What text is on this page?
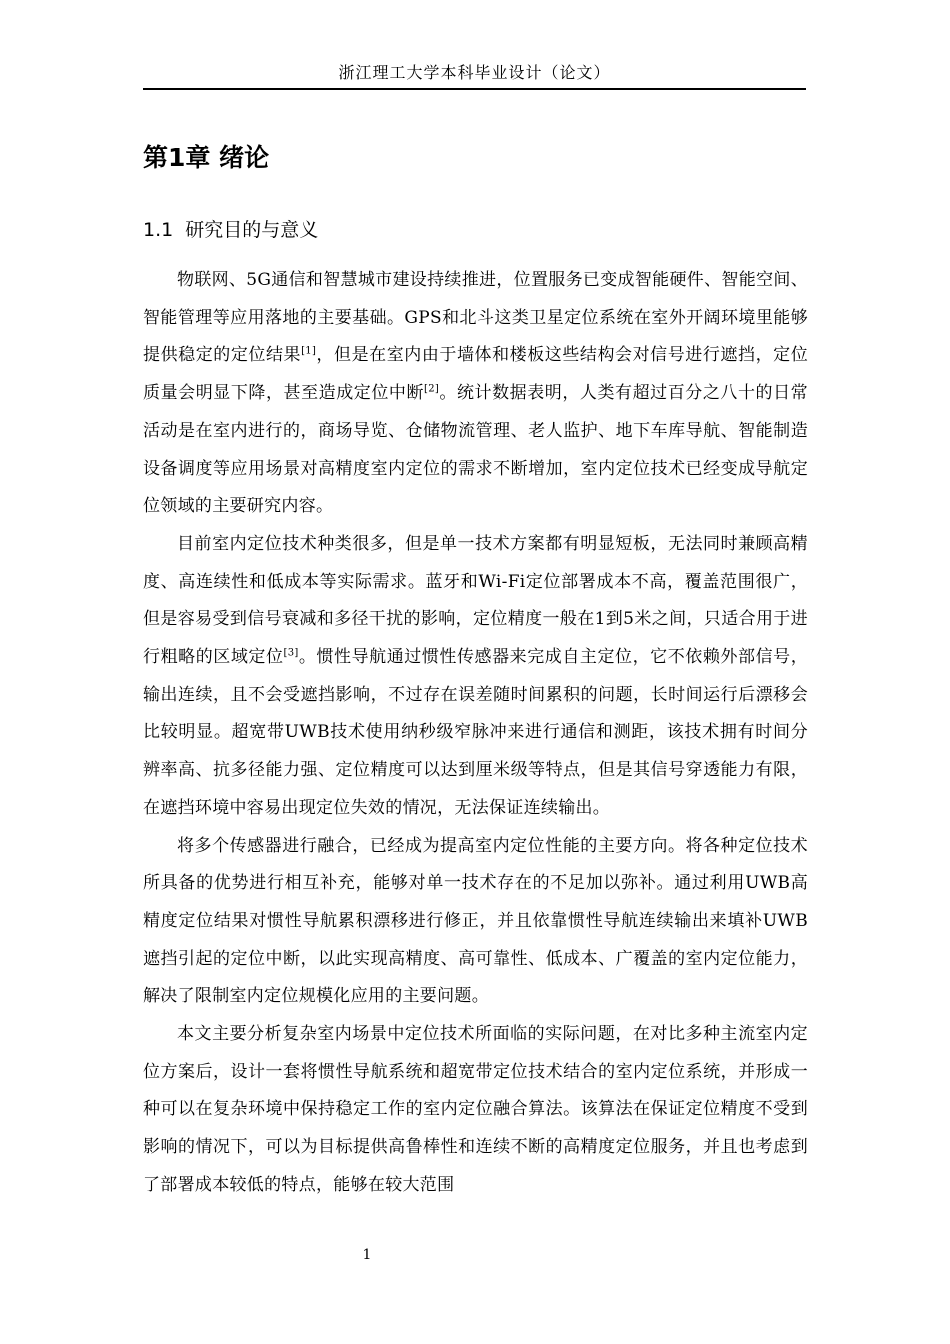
浙江理工大学本科毕业设计（论文）
第1章 绪论
1.1 研究目的与意义

物联网、5G通信和智慧城市建设持续推进，位置服务已变成智能硬件、智能空间、智能管理等应用落地的主要基础。GPS和北斗这类卫星定位系统在室外开阔环境里能够提供稳定的定位结果[1]，但是在室内由于墙体和楼板这些结构会对信号进行遮挡，定位质量会明显下降，甚至造成定位中断[2]。统计数据表明，人类有超过百分之八十的日常活动是在室内进行的，商场导览、仓储物流管理、老人监护、地下车库导航、智能制造设备调度等应用场景对高精度室内定位的需求不断增加，室内定位技术已经变成导航定位领域的主要研究内容。

目前室内定位技术种类很多，但是单一技术方案都有明显短板，无法同时兼顾高精度、高连续性和低成本等实际需求。蓝牙和Wi-Fi定位部署成本不高，覆盖范围很广，但是容易受到信号衰减和多径干扰的影响，定位精度一般在1到5米之间，只适合用于进行粗略的区域定位[3]。惯性导航通过惯性传感器来完成自主定位，它不依赖外部信号，输出连续，且不会受遮挡影响，不过存在误差随时间累积的问题，长时间运行后漂移会比较明显。超宽带UWB技术使用纳秒级窄脉冲来进行通信和测距，该技术拥有时间分辨率高、抗多径能力强、定位精度可以达到厘米级等特点，但是其信号穿透能力有限，在遮挡环境中容易出现定位失效的情况，无法保证连续输出。

将多个传感器进行融合，已经成为提高室内定位性能的主要方向。将各种定位技术所具备的优势进行相互补充，能够对单一技术存在的不足加以弥补。通过利用UWB高精度定位结果对惯性导航累积漂移进行修正，并且依靠惯性导航连续输出来填补UWB遮挡引起的定位中断，以此实现高精度、高可靠性、低成本、广覆盖的室内定位能力，解决了限制室内定位规模化应用的主要问题。

本文主要分析复杂室内场景中定位技术所面临的实际问题，在对比多种主流室内定位方案后，设计一套将惯性导航系统和超宽带定位技术结合的室内定位系统，并形成一种可以在复杂环境中保持稳定工作的室内定位融合算法。该算法在保证定位精度不受到影响的情况下，可以为目标提供高鲁棒性和连续不断的高精度定位服务，并且也考虑到了部署成本较低的特点，能够在较大范围

1
